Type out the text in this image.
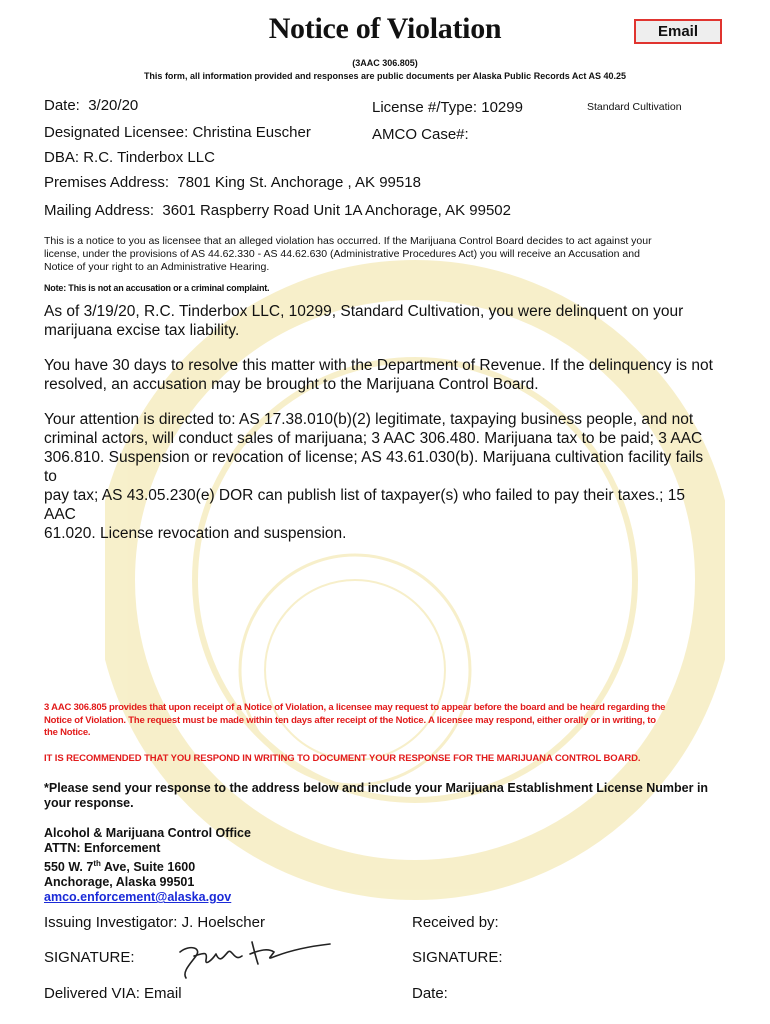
Notice of Violation	Email
(3AAC 306.805)
This form, all information provided and responses are public documents per Alaska Public Records Act AS 40.25
Date: 3/20/20	License #/Type: 10299	Standard Cultivation
Designated Licensee: Christina Euscher	AMCO Case#:
DBA: R.C. Tinderbox LLC
Premises Address: 7801 King St. Anchorage , AK 99518
Mailing Address: 3601 Raspberry Road Unit 1A Anchorage, AK 99502
This is a notice to you as licensee that an alleged violation has occurred. If the Marijuana Control Board decides to act against your
license, under the provisions of AS 44.62.330 - AS 44.62.630 (Administrative Procedures Act) you will receive an Accusation and
Notice of your right to an Administrative Hearing.
Note: This is not an accusation or a criminal complaint.
As of 3/19/20, R.C. Tinderbox LLC, 10299, Standard Cultivation, you were delinquent on your
marijuana excise tax liability.
You have 30 days to resolve this matter with the Department of Revenue. If the delinquency is not
resolved, an accusation may be brought to the Marijuana Control Board.
Your attention is directed to: AS 17.38.010(b)(2) legitimate, taxpaying business people, and not
criminal actors, will conduct sales of marijuana; 3 AAC 306.480. Marijuana tax to be paid; 3 AAC
306.810. Suspension or revocation of license; AS 43.61.030(b). Marijuana cultivation facility fails to
pay tax; AS 43.05.230(e) DOR can publish list of taxpayer(s) who failed to pay their taxes.; 15 AAC
61.020. License revocation and suspension.
3 AAC 306.805 provides that upon receipt of a Notice of Violation, a licensee may request to appear before the board and be heard regarding the
Notice of Violation. The request must be made within ten days after receipt of the Notice. A licensee may respond, either orally or in writing, to
the Notice.
IT IS RECOMMENDED THAT YOU RESPOND IN WRITING TO DOCUMENT YOUR RESPONSE FOR THE MARIJUANA CONTROL BOARD.
*Please send your response to the address below and include your Marijuana Establishment License Number in
your response.
Alcohol & Marijuana Control Office
ATTN: Enforcement
550 W. 7th Ave, Suite 1600
Anchorage, Alaska 99501
amco.enforcement@alaska.gov
Issuing Investigator: J. Hoelscher	Received by:
SIGNATURE:	SIGNATURE:
Delivered VIA: Email	Date:
